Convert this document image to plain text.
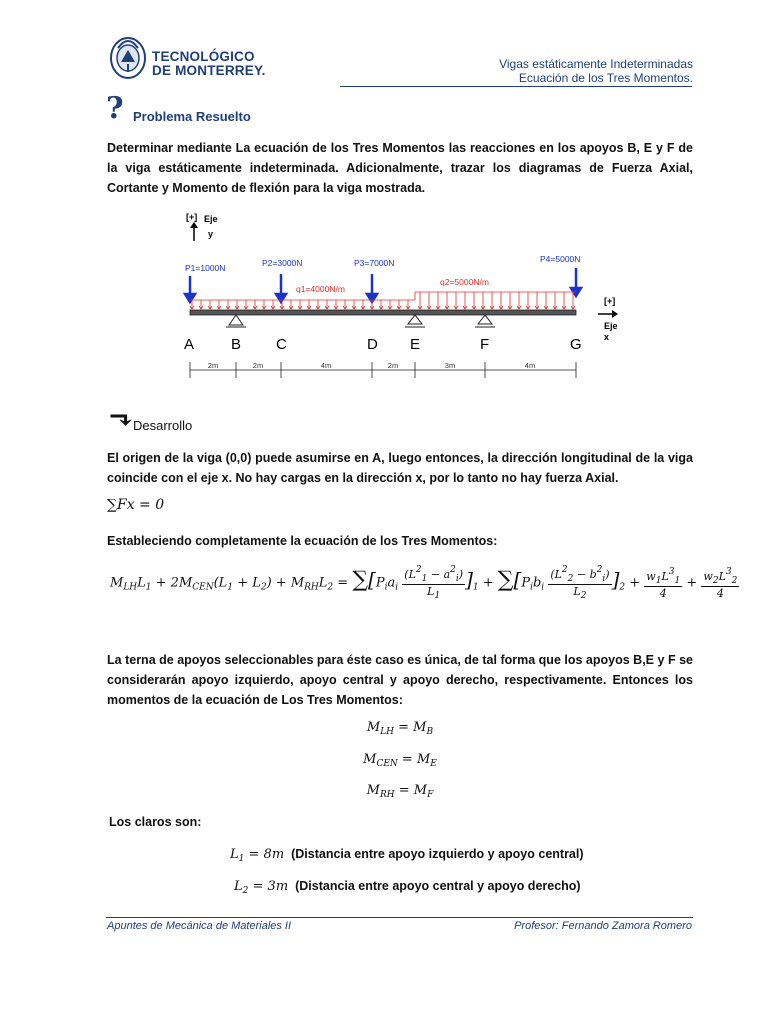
TECNOLÓGICO
DE MONTERREY.	Vigas estáticamente Indeterminadas
Ecuación de los Tres Momentos.
? Problema Resuelto
Determinar mediante La ecuación de los Tres Momentos las reacciones en los apoyos B, E y F de la viga estáticamente indeterminada. Adicionalmente, trazar los diagramas de Fuerza Axial, Cortante y Momento de flexión para la viga mostrada.
[+] Eje
y
P1=1000N	P2=3000N	P3=7000N	P4=5000N
q1=4000N/m
q2=5000N/m
[+]
Eje
x
A B C	D E	F	G
2m	2m	4m	2m	3m	4m
⬎ Desarrollo
El origen de la viga (0,0) puede asumirse en A, luego entonces, la dirección longitudinal de la viga coincide con el eje x. No hay cargas en la dirección x, por lo tanto no hay fuerza Axial.
∑Fx = 0
Estableciendo completamente la ecuación de los Tres Momentos:
$M_{LH}L_1 + 2M_{CEN}(L_1 + L_2) + M_{RH}L_2 = \sum[P_ia_i \frac{(L^2_1 - a^2_i)}{L_1} ]_1 + \sum[P_ib_i \frac{(L^2_2 - b^2_i)}{L_2} ]_2 + \frac{w_1L^3_1}{4} + \frac{w_2L^3_2}{4}$
La terna de apoyos seleccionables para éste caso es única, de tal forma que los apoyos B,E y F se considerarán apoyo izquierdo, apoyo central y apoyo derecho, respectivamente. Entonces los momentos de la ecuación de Los Tres Momentos:
$M_{LH} = M_B$
$M_{CEN} = M_E$
$M_{RH} = M_F$
Los claros son:
$L_1 = 8m$ (Distancia entre apoyo izquierdo y apoyo central)
$L_2 = 3m$ (Distancia entre apoyo central y apoyo derecho)
Apuntes de Mecánica de Materiales II	Profesor: Fernando Zamora Romero
